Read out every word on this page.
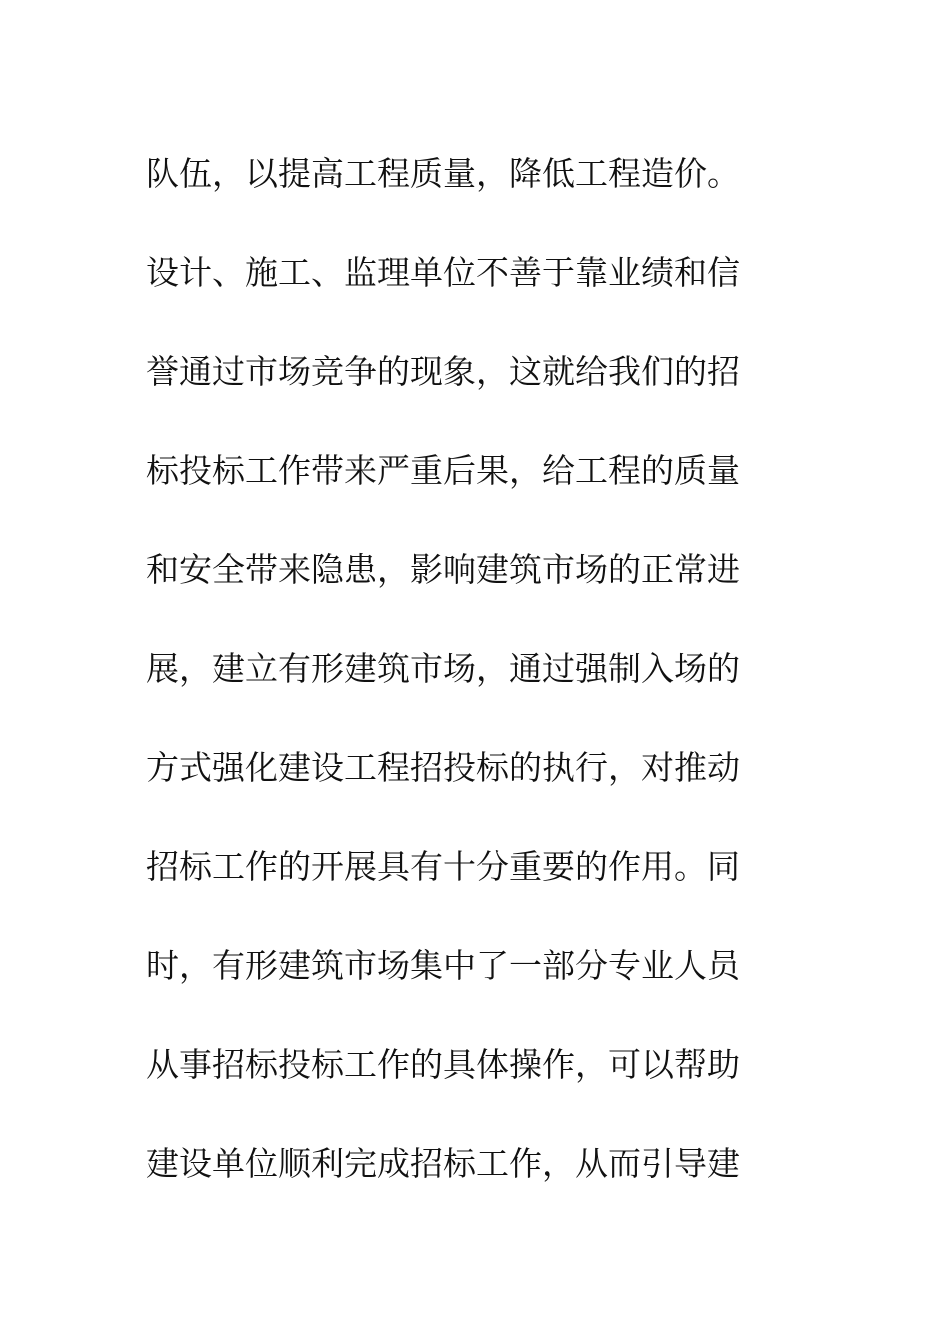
队伍，以提高工程质量，降低工程造价。
设计、施工、监理单位不善于靠业绩和信
誉通过市场竞争的现象，这就给我们的招
标投标工作带来严重后果，给工程的质量
和安全带来隐患，影响建筑市场的正常进
展，建立有形建筑市场，通过强制入场的
方式强化建设工程招投标的执行，对推动
招标工作的开展具有十分重要的作用。同
时，有形建筑市场集中了一部分专业人员
从事招标投标工作的具体操作，可以帮助
建设单位顺利完成招标工作，从而引导建
